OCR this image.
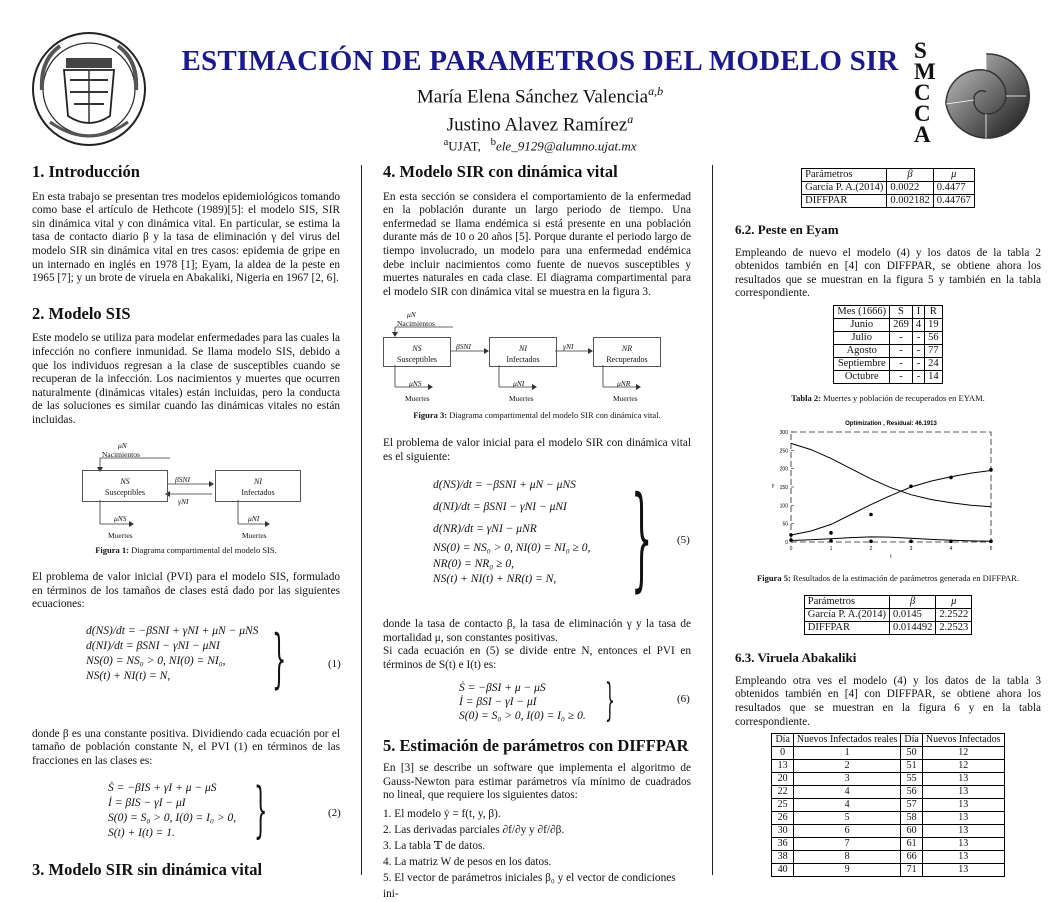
ESTIMACIÓN DE PARAMETROS DEL MODELO SIR
María Elena Sánchez Valencia$^{a,b}$
Justino Alavez Ramírez$^a$
$^a$UJAT, $^b$ele_9129@alumno.ujat.mx
SMCCA
1. Introducción

En esta trabajo se presentan tres modelos epidemiológicos tomando como base el artículo de Hethcote (1989)[5]: el modelo SIS, SIR sin dinámica vital y con dinámica vital. En particular, se estima la tasa de contacto diario β y la tasa de eliminación γ del virus del modelo SIR sin dinámica vital en tres casos: epidemia de gripe en un internado en inglés en 1978 [1]; Eyam, la aldea de la peste en 1965 [7]; y un brote de viruela en Abakaliki, Nigeria en 1967 [2, 6].

2. Modelo SIS

Este modelo se utiliza para modelar enfermedades para las cuales la infección no confiere inmunidad. Se llama modelo SIS, debido a que los individuos regresan a la clase de susceptibles cuando se recuperan de la infección. Los nacimientos y muertes que ocurren naturalmente (dinámicas vitales) están incluidas, pero la conducta de las soluciones es similar cuando las dinámicas vitales no están incluidas.

μN
Nacimientos
NS
Susceptibles
NI
Infectados
βSNI
γNI
μNS
Muertes
μNI
Muertes
Figura 1: Diagrama compartimental del modelo SIS.

El problema de valor inicial (PVI) para el modelo SIS, formulado en términos de los tamaños de clases está dado por las siguientes ecuaciones:

d(NS)/dt = −βSNI + γNI + μN − μNS
d(NI)/dt = βSNI − γNI − μNI
NS(0) = NS₀ > 0, NI(0) = NI₀,
NS(t) + NI(t) = N,	}	(1)

donde β es una constante positiva. Dividiendo cada ecuación por el tamaño de población constante N, el PVI (1) en términos de las fracciones en las clases es:

Ṡ = −βIS + γI + μ − μS
İ = βIS − γI − μI
S(0) = S₀ > 0, I(0) = I₀ > 0,
S(t) + I(t) = 1.	}	(2)
3. Modelo SIR sin dinámica vital
4. Modelo SIR con dinámica vital

En esta sección se considera el comportamiento de la enfermedad en la población durante un largo periodo de tiempo. Una enfermedad se llama endémica si está presente en una población durante más de 10 o 20 años [5]. Porque durante el periodo largo de tiempo involucrado, un modelo para una enfermedad endémica debe incluir nacimientos como fuente de nuevos susceptibles y muertes naturales en cada clase. El diagrama compartimental para el modelo SIR con dinámica vital se muestra en la figura 3.

μN
Nacimientos
NS
Susceptibles
NI
Infectados
NR
Recuperados
βSNI	γNI
μNS
Muertes
μNI
Muertes
μNR
Muertes
Figura 3: Diagrama compartimental del modelo SIR con dinámica vital.

El problema de valor inicial para el modelo SIR con dinámica vital es el siguiente:

d(NS)/dt = −βSNI + μN − μNS
d(NI)/dt = βSNI − γNI − μNI
d(NR)/dt = γNI − μNR
NS(0) = NS₀ > 0, NI(0) = NI₀ ≥ 0,
NR(0) = NR₀ ≥ 0,
NS(t) + NI(t) + NR(t) = N, } (5)

donde la tasa de contacto β, la tasa de eliminación γ y la tasa de mortalidad μ, son constantes positivas.

Si cada ecuación en (5) se divide entre N, entonces el PVI en términos de S(t) e I(t) es:

Ṡ = −βSI + μ − μS
İ = βSI − γI − μI
S(0) = S₀ > 0, I(0) = I₀ ≥ 0. }	(6)
5. Estimación de parámetros con DIFFPAR

En [3] se describe un software que implementa el algoritmo de Gauss-Newton para estimar parámetros vía mínimo de cuadrados no lineal, que requiere los siguientes datos:

1. El modelo ẏ = f(t, y, β).
2. Las derivadas parciales ∂f/∂y y ∂f/∂β.
3. La tabla 𝕋 de datos.
4. La matriz W de pesos en los datos.
5. El vector de parámetros iniciales β₀ y el vector de condiciones ini-
Parámetros	β	μ
García P. A.(2014)	0.0022	0.4477
DIFFPAR	0.002182	0.44767
6.2. Peste en Eyam

Empleando de nuevo el modelo (4) y los datos de la tabla 2 obtenidos también en [4] con DIFFPAR, se obtiene ahora los resultados que se muestran en la figura 5 y también en la tabla correspondiente.

Mes (1666)	S	I	R
Junio	269	4	19
Julio	-	-	56
Agosto	-	-	77
Septiembre	-	-	24
Octubre	-	-	14
Tabla 2: Muertes y población de recuperados en EYAM.
Optimization , Residual: 46.1913
0
50
100
150
200
250
300
0	1	2	3	4	5
t
y
Figura 5: Resultados de la estimación de parámetros generada en DIFFPAR.
Parámetros	β	μ
García P. A.(2014)	0.0145	2.2522
DIFFPAR	0.014492	2.2523
6.3. Viruela Abakaliki

Empleando otra ves el modelo (4) y los datos de la tabla 3 obtenidos también en [4] con DIFFPAR, se obtiene ahora los resultados que se muestran en la figura 6 y en la tabla correspondiente.

Día	Nuevos Infectados reales	Día	Nuevos Infectados
0	1	50	12
13	2	51	12
20	3	55	13
22	4	56	13
25	4	57	13
26	5	58	13
30	6	60	13
36	7	61	13
38	8	66	13
40	9	71	13
